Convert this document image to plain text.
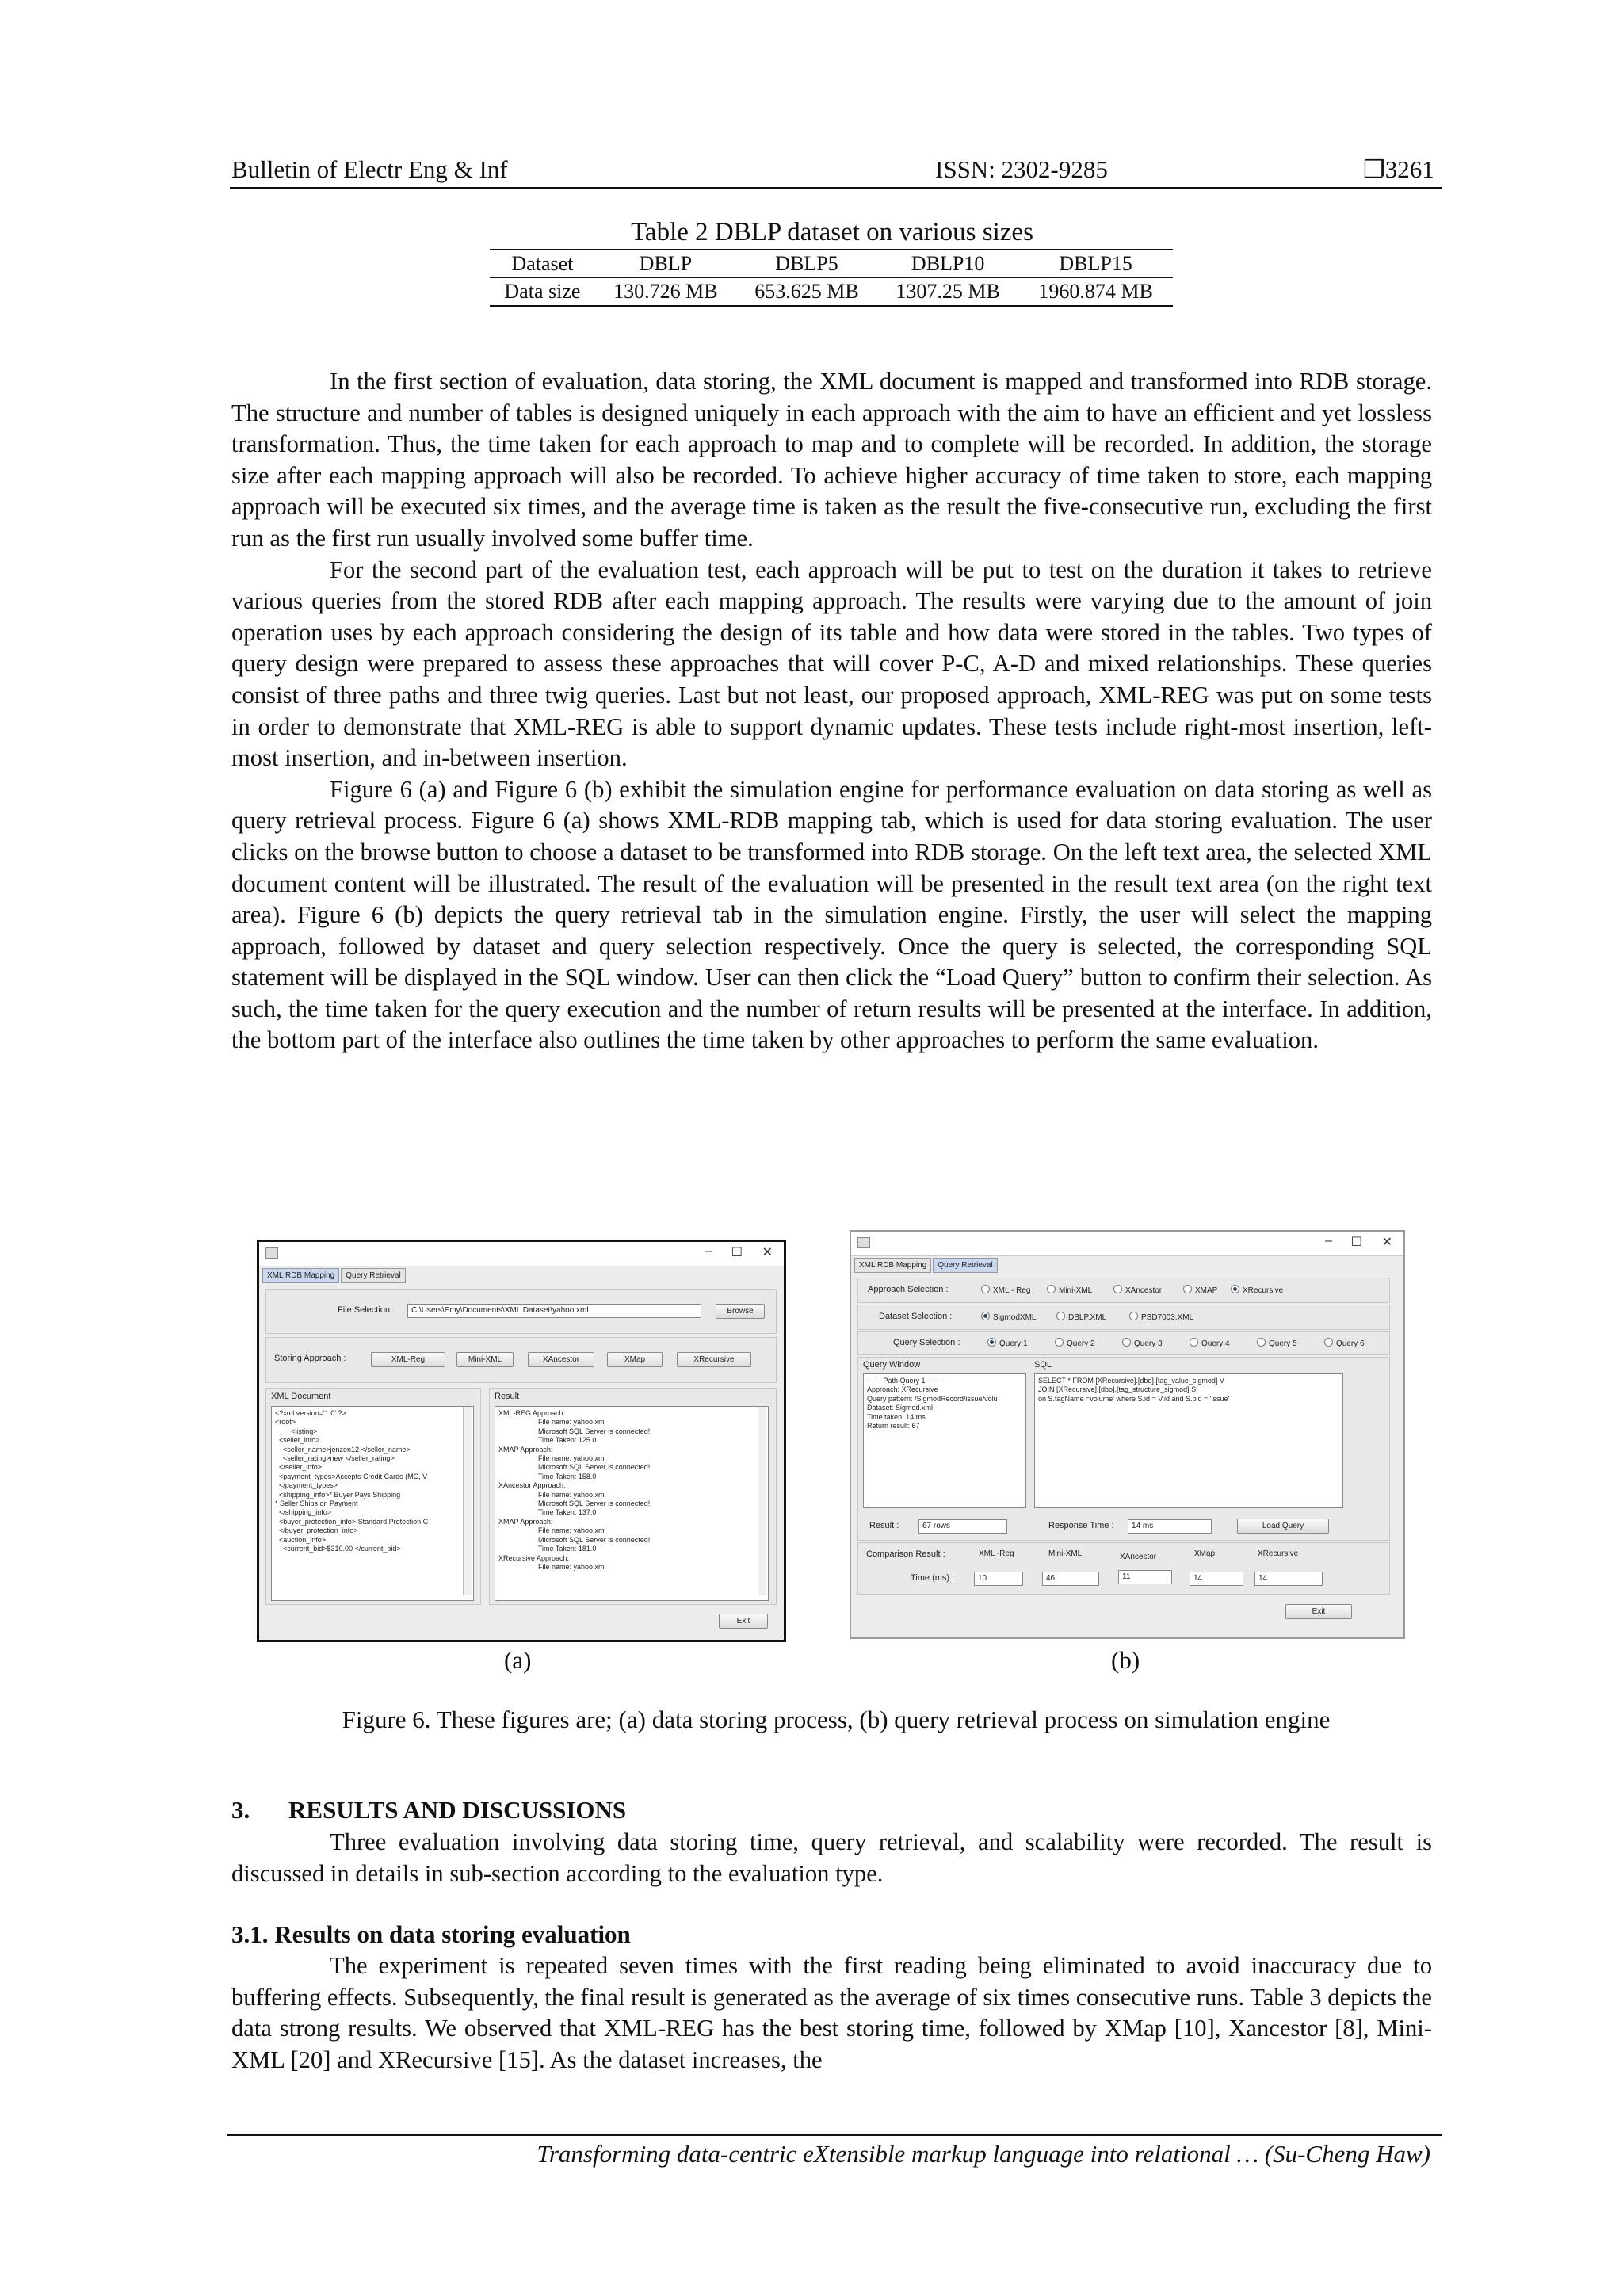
Bulletin of Electr Eng & Inf	ISSN: 2302-9285	❐3261
Table 2 DBLP dataset on various sizes
Dataset	DBLP	DBLP5	DBLP10	DBLP15
Data size	130.726 MB	653.625 MB	1307.25 MB	1960.874 MB

In the first section of evaluation, data storing, the XML document is mapped and transformed into RDB storage. The structure and number of tables is designed uniquely in each approach with the aim to have an efficient and yet lossless transformation. Thus, the time taken for each approach to map and to complete will be recorded. In addition, the storage size after each mapping approach will also be recorded. To achieve higher accuracy of time taken to store, each mapping approach will be executed six times, and the average time is taken as the result the five-consecutive run, excluding the first run as the first run usually involved some buffer time.

For the second part of the evaluation test, each approach will be put to test on the duration it takes to retrieve various queries from the stored RDB after each mapping approach. The results were varying due to the amount of join operation uses by each approach considering the design of its table and how data were stored in the tables. Two types of query design were prepared to assess these approaches that will cover P-C, A-D and mixed relationships. These queries consist of three paths and three twig queries. Last but not least, our proposed approach, XML-REG was put on some tests in order to demonstrate that XML-REG is able to support dynamic updates. These tests include right-most insertion, left-most insertion, and in-between insertion.

Figure 6 (a) and Figure 6 (b) exhibit the simulation engine for performance evaluation on data storing as well as query retrieval process. Figure 6 (a) shows XML-RDB mapping tab, which is used for data storing evaluation. The user clicks on the browse button to choose a dataset to be transformed into RDB storage. On the left text area, the selected XML document content will be illustrated. The result of the evaluation will be presented in the result text area (on the right text area). Figure 6 (b) depicts the query retrieval tab in the simulation engine. Firstly, the user will select the mapping approach, followed by dataset and query selection respectively. Once the query is selected, the corresponding SQL statement will be displayed in the SQL window. User can then click the “Load Query” button to confirm their selection. As such, the time taken for the query execution and the number of return results will be presented at the interface. In addition, the bottom part of the interface also outlines the time taken by other approaches to perform the same evaluation.

– ☐ ✕
XML RDB Mapping Query Retrieval
File Selection :	C:\Users\Emy\Documents\XML Dataset\yahoo.xml	Browse
Storing Approach :	XML-Reg	Mini-XML	XAncestor	XMap	XRecursive
XML Document
<?xml version='1.0' ?>
<root>
<listing>
<seller_info>
<seller_name>jenzen12 </seller_name>
<seller_rating>new </seller_rating>
</seller_info>
<payment_types>Accepts Credit Cards (MC, V
</payment_types>
<shipping_info>* Buyer Pays Shipping
* Seller Ships on Payment
</shipping_info>
<buyer_protection_info> Standard Protection C
</buyer_protection_info>
<auction_info>
<current_bid>$310.00 </current_bid>
Result
XML-REG Approach:
File name: yahoo.xml
Microsoft SQL Server is connected!
Time Taken: 125.0
XMAP Approach:
File name: yahoo.xml
Microsoft SQL Server is connected!
Time Taken: 158.0
XAncestor Approach:
File name: yahoo.xml
Microsoft SQL Server is connected!
Time Taken: 137.0
XMAP Approach:
File name: yahoo.xml
Microsoft SQL Server is connected!
Time Taken: 181.0
XRecursive Approach:
File name: yahoo.xml
Exit
(a)
– ☐ ✕
XML RDB Mapping Query Retrieval
Approach Selection :	XML - Reg	Mini-XML	XAncestor	XMAP	XRecursive
Dataset Selection :	SigmodXML	DBLP.XML	PSD7003.XML
Query Selection :	Query 1	Query 2	Query 3	Query 4	Query 5	Query 6
Query Window	SQL
------ Path Query 1 ------
Approach: XRecursive
Query pattern: /SigmodRecord/issue/volu
Dataset: Sigmod.xml
Time taken: 14 ms
Return result: 67
SELECT * FROM [XRecursive].[dbo].[tag_value_sigmod] V
JOIN [XRecursive].[dbo].[tag_structure_sigmod] S
on S.tagName =volume' where S.id = V.id and S.pid = 'issue'
Result :	67 rows	Response Time :	14 ms	Load Query
Comparison Result :
Time (ms) :
XML -Reg	Mini-XML	XAncestor	XMap	XRecursive
10	46	11	14	14
Exit
(b)
Figure 6. These figures are; (a) data storing process, (b) query retrieval process on simulation engine
3. RESULTS AND DISCUSSIONS

Three evaluation involving data storing time, query retrieval, and scalability were recorded. The result is discussed in details in sub-section according to the evaluation type.

3.1. Results on data storing evaluation

The experiment is repeated seven times with the first reading being eliminated to avoid inaccuracy due to buffering effects. Subsequently, the final result is generated as the average of six times consecutive runs. Table 3 depicts the data strong results. We observed that XML-REG has the best storing time, followed by XMap [10], Xancestor [8], Mini-XML [20] and XRecursive [15]. As the dataset increases, the

Transforming data-centric eXtensible markup language into relational … (Su-Cheng Haw)
